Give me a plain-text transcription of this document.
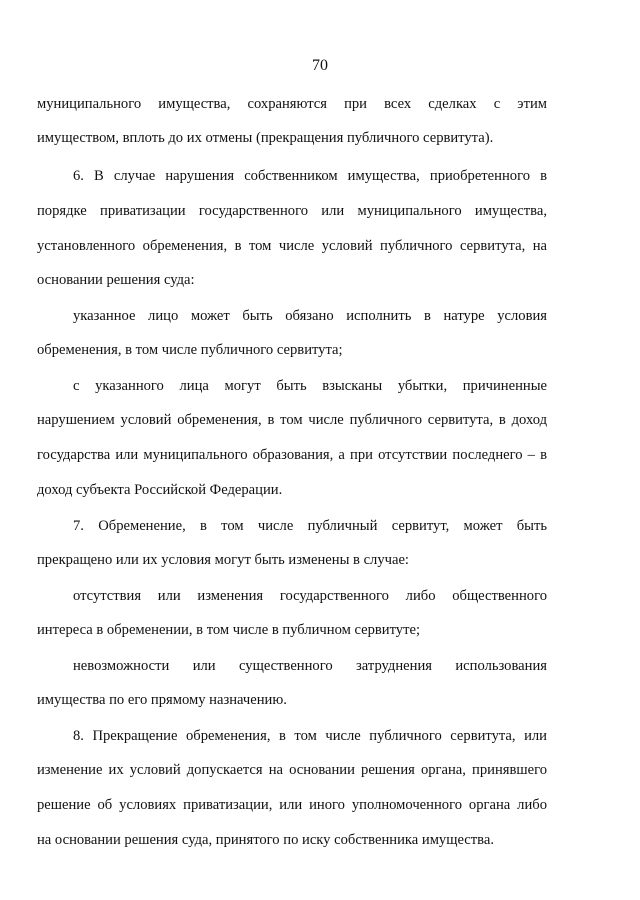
70
муниципального имущества, сохраняются при всех сделках с этим
имуществом, вплоть до их отмены (прекращения публичного сервитута).
6. В случае нарушения собственником имущества, приобретенного в
порядке приватизации государственного или муниципального имущества,
установленного обременения, в том числе условий публичного сервитута, на
основании решения суда:
указанное лицо может быть обязано исполнить в натуре условия
обременения, в том числе публичного сервитута;
с указанного лица могут быть взысканы убытки, причиненные
нарушением условий обременения, в том числе публичного сервитута, в доход
государства или муниципального образования, а при отсутствии последнего – в
доход субъекта Российской Федерации.
7. Обременение, в том числе публичный сервитут, может быть
прекращено или их условия могут быть изменены в случае:
отсутствия или изменения государственного либо общественного
интереса в обременении, в том числе в публичном сервитуте;
невозможности или существенного затруднения использования
имущества по его прямому назначению.
8. Прекращение обременения, в том числе публичного сервитута, или
изменение их условий допускается на основании решения органа, принявшего
решение об условиях приватизации, или иного уполномоченного органа либо
на основании решения суда, принятого по иску собственника имущества.
